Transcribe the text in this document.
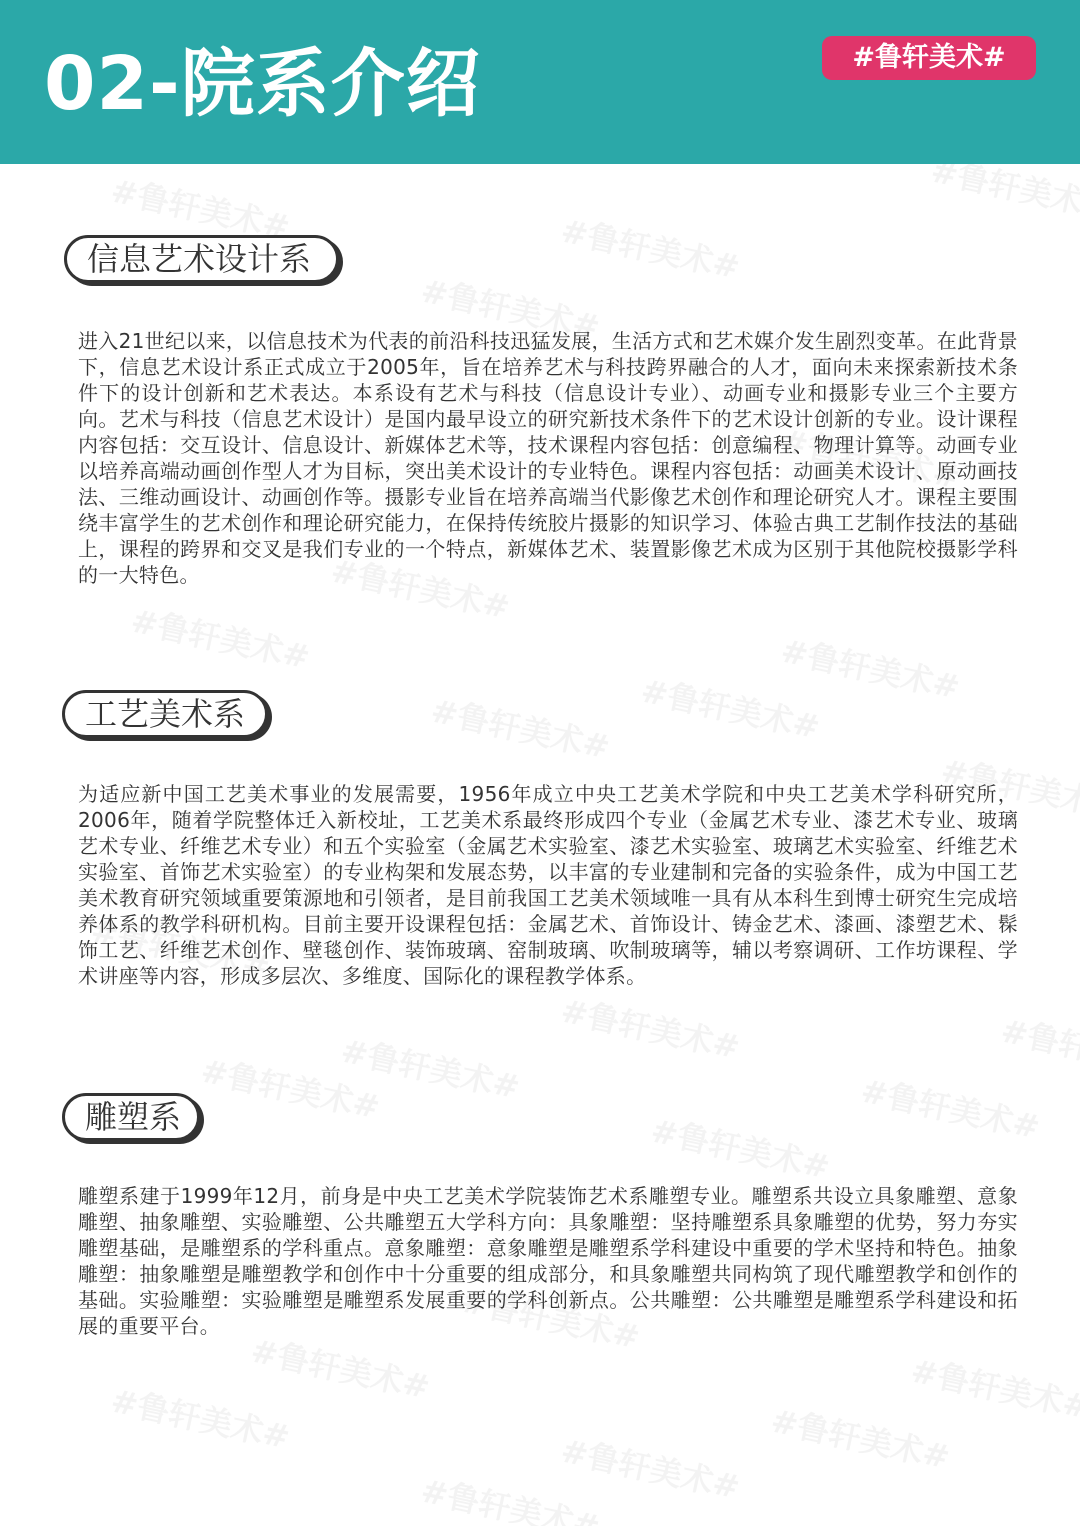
02-院系介绍	#鲁轩美术#
信息艺术设计系

进入21世纪以来，以信息技术为代表的前沿科技迅猛发展，生活方式和艺术媒介发生剧烈变革。在此背景下，信息艺术设计系正式成立于2005年，旨在培养艺术与科技跨界融合的人才，面向未来探索新技术条件下的设计创新和艺术表达。本系设有艺术与科技（信息设计专业）、动画专业和摄影专业三个主要方向。艺术与科技（信息艺术设计）是国内最早设立的研究新技术条件下的艺术设计创新的专业。设计课程内容包括：交互设计、信息设计、新媒体艺术等，技术课程内容包括：创意编程、物理计算等。动画专业以培养高端动画创作型人才为目标，突出美术设计的专业特色。课程内容包括：动画美术设计、原动画技法、三维动画设计、动画创作等。摄影专业旨在培养高端当代影像艺术创作和理论研究人才。课程主要围绕丰富学生的艺术创作和理论研究能力，在保持传统胶片摄影的知识学习、体验古典工艺制作技法的基础上，课程的跨界和交叉是我们专业的一个特点，新媒体艺术、装置影像艺术成为区别于其他院校摄影学科的一大特色。

工艺美术系

为适应新中国工艺美术事业的发展需要，1956年成立中央工艺美术学院和中央工艺美术学科研究所，2006年，随着学院整体迁入新校址，工艺美术系最终形成四个专业（金属艺术专业、漆艺术专业、玻璃艺术专业、纤维艺术专业）和五个实验室（金属艺术实验室、漆艺术实验室、玻璃艺术实验室、纤维艺术实验室、首饰艺术实验室）的专业构架和发展态势，以丰富的专业建制和完备的实验条件，成为中国工艺美术教育研究领域重要策源地和引领者，是目前我国工艺美术领域唯一具有从本科生到博士研究生完成培养体系的教学科研机构。目前主要开设课程包括：金属艺术、首饰设计、铸金艺术、漆画、漆塑艺术、髹饰工艺、纤维艺术创作、壁毯创作、装饰玻璃、窑制玻璃、吹制玻璃等，辅以考察调研、工作坊课程、学术讲座等内容，形成多层次、多维度、国际化的课程教学体系。

雕塑系

雕塑系建于1999年12月，前身是中央工艺美术学院装饰艺术系雕塑专业。雕塑系共设立具象雕塑、意象雕塑、抽象雕塑、实验雕塑、公共雕塑五大学科方向：具象雕塑：坚持雕塑系具象雕塑的优势，努力夯实雕塑基础，是雕塑系的学科重点。意象雕塑：意象雕塑是雕塑系学科建设中重要的学术坚持和特色。抽象雕塑：抽象雕塑是雕塑教学和创作中十分重要的组成部分，和具象雕塑共同构筑了现代雕塑教学和创作的基础。实验雕塑：实验雕塑是雕塑系发展重要的学科创新点。公共雕塑：公共雕塑是雕塑系学科建设和拓展的重要平台。
